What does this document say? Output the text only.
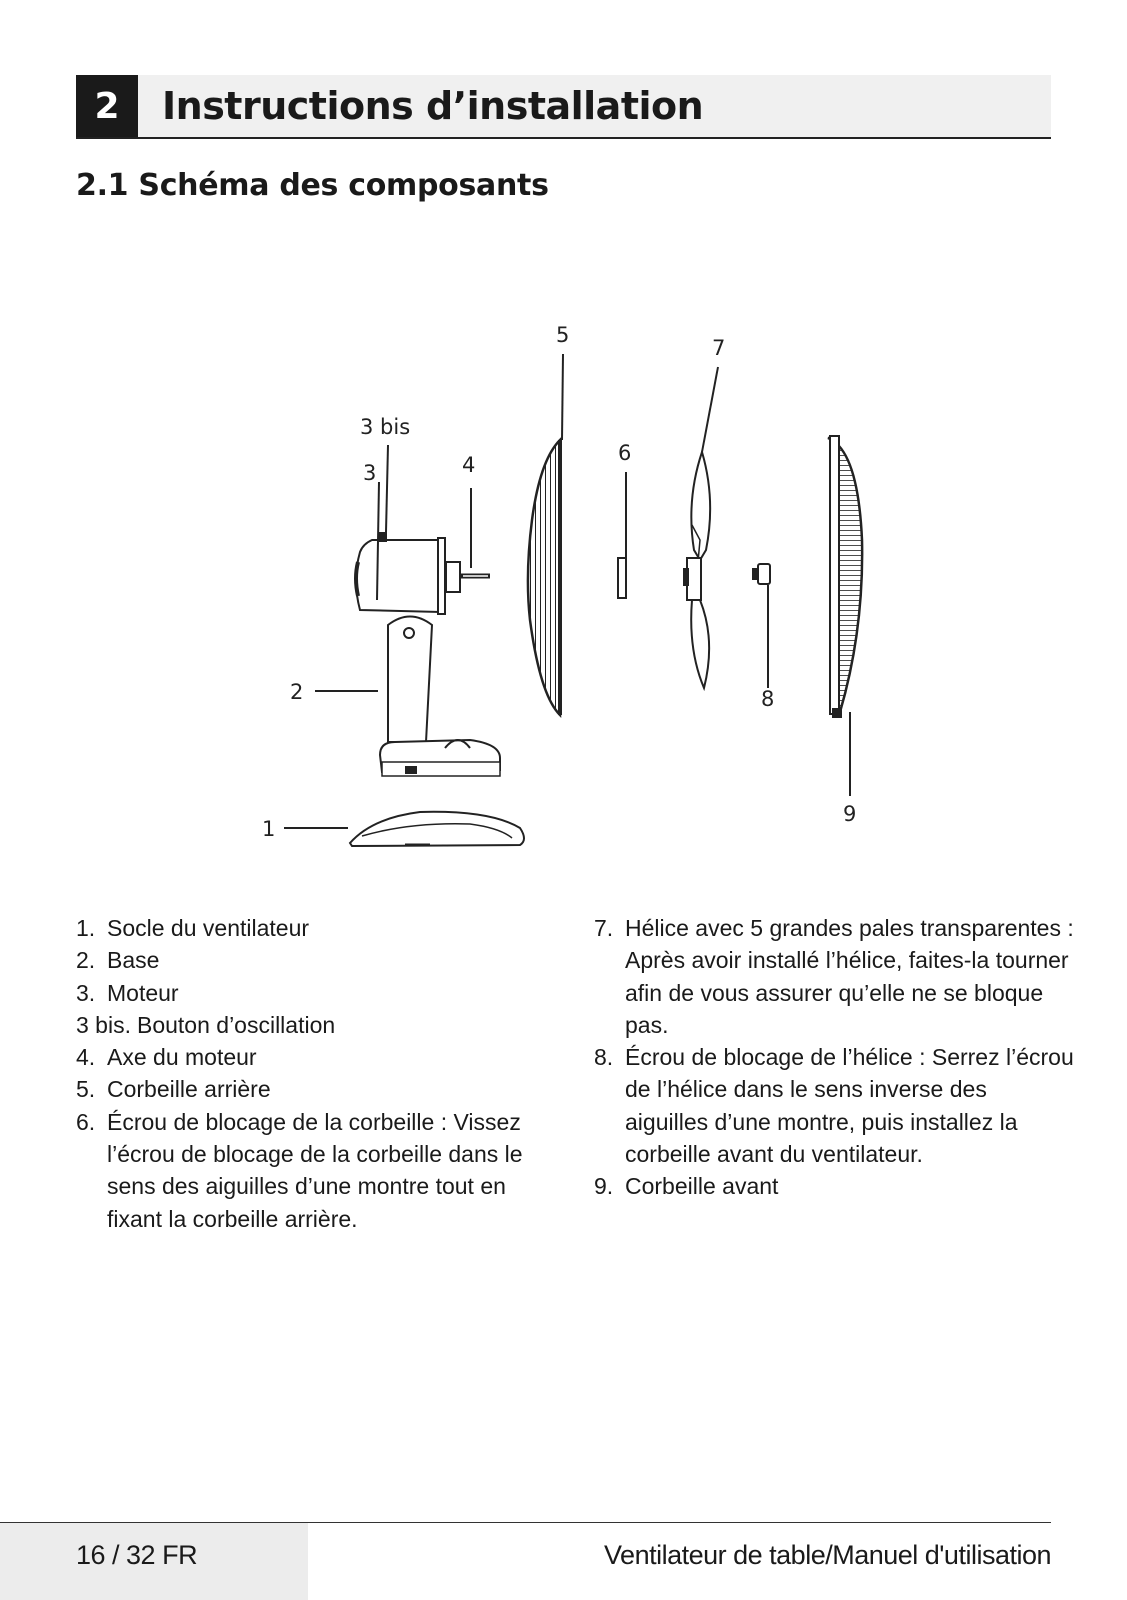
2	Instructions d’installation
2.1 Schéma des composants
1
2
3
3 bis
4
5
6
7
8
9
1. Socle du ventilateur
2. Base
3. Moteur
3 bis. Bouton d’oscillation
4. Axe du moteur
5. Corbeille arrière
6. Écrou de blocage de la corbeille : Vissez l’écrou de blocage de la corbeille dans le sens des aiguilles d’une montre tout en fixant la corbeille arrière.
7. Hélice avec 5 grandes pales transparentes : Après avoir installé l’hélice, faites-la tourner afin de vous assurer qu’elle ne se bloque pas.
8. Écrou de blocage de l’hélice : Serrez l’écrou de l’hélice dans le sens inverse des aiguilles d’une montre, puis installez la corbeille avant du ventilateur.
9. Corbeille avant
16 / 32 FR	Ventilateur de table/Manuel d'utilisation
